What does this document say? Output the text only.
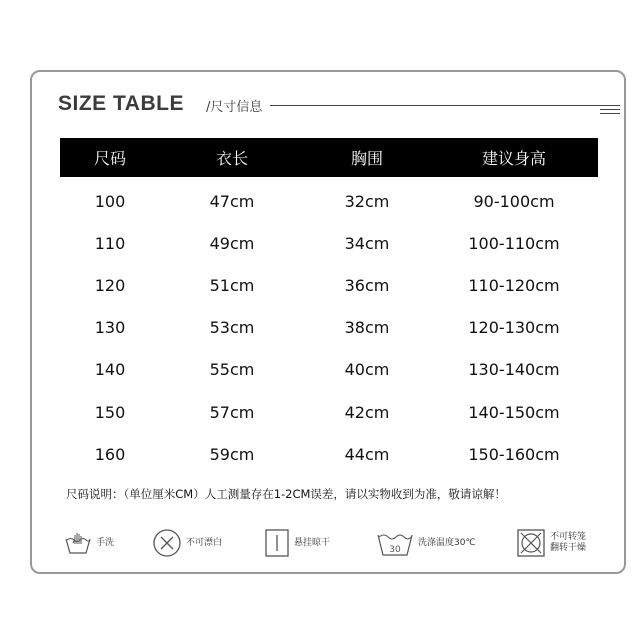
SIZE TABLE /尺寸信息
尺码	衣长	胸围	建议身高
100	47cm	32cm	90-100cm
110	49cm	34cm	100-110cm
120	51cm	36cm	110-120cm
130	53cm	38cm	120-130cm
140	55cm	40cm	130-140cm
150	57cm	42cm	140-150cm
160	59cm	44cm	150-160cm
尺码说明：（单位厘米CM）人工测量存在1-2CM误差，请以实物收到为准，敬请谅解！
手洗	不可漂白	悬挂晾干
30
洗涤温度30℃
不可转笼
翻转干燥
